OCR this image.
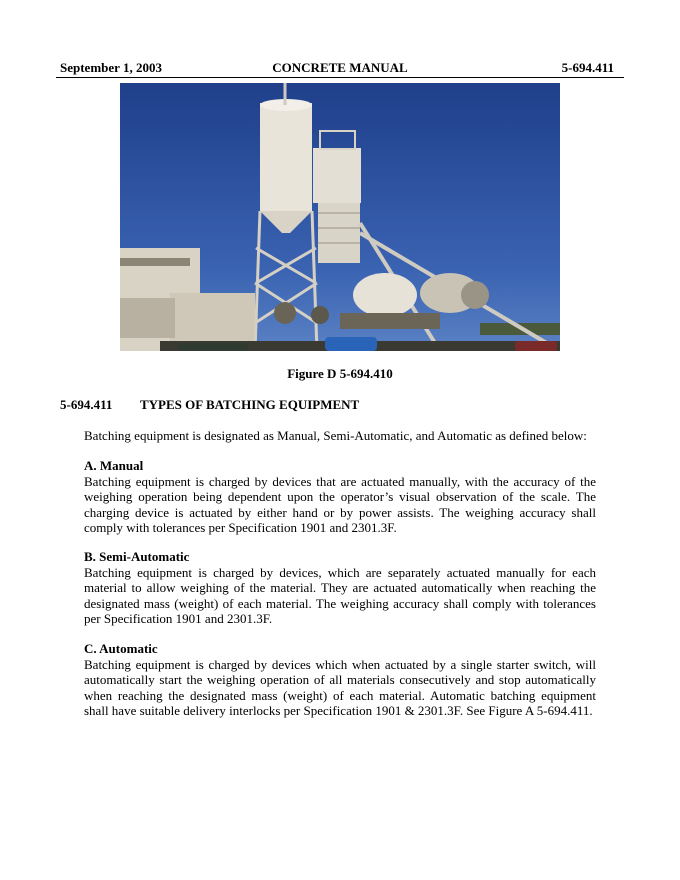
September 1, 2003	CONCRETE MANUAL	5-694.411
Figure D 5-694.410
5-694.411 TYPES OF BATCHING EQUIPMENT

Batching equipment is designated as Manual, Semi-Automatic, and Automatic as defined below:

A. Manual

Batching equipment is charged by devices that are actuated manually, with the accuracy of the weighing operation being dependent upon the operator’s visual observation of the scale. The charging device is actuated by either hand or by power assists. The weighing accuracy shall comply with tolerances per Specification 1901 and 2301.3F.

B. Semi-Automatic

Batching equipment is charged by devices, which are separately actuated manually for each material to allow weighing of the material. They are actuated automatically when reaching the designated mass (weight) of each material. The weighing accuracy shall comply with tolerances per Specification 1901 and 2301.3F.

C. Automatic

Batching equipment is charged by devices which when actuated by a single starter switch, will automatically start the weighing operation of all materials consecutively and stop automatically when reaching the designated mass (weight) of each material. Automatic batching equipment shall have suitable delivery interlocks per Specification 1901 & 2301.3F. See Figure A 5-694.411.
